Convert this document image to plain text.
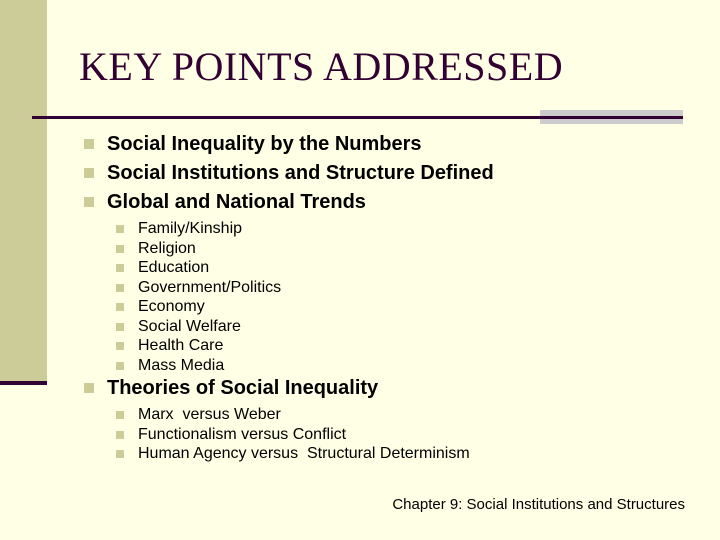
KEY POINTS ADDRESSED
Social Inequality by the Numbers
Social Institutions and Structure Defined
Global and National Trends
Family/Kinship
Religion
Education
Government/Politics
Economy
Social Welfare
Health Care
Mass Media
Theories of Social Inequality
Marx  versus Weber
Functionalism versus Conflict
Human Agency versus  Structural Determinism
Chapter 9: Social Institutions and Structures
